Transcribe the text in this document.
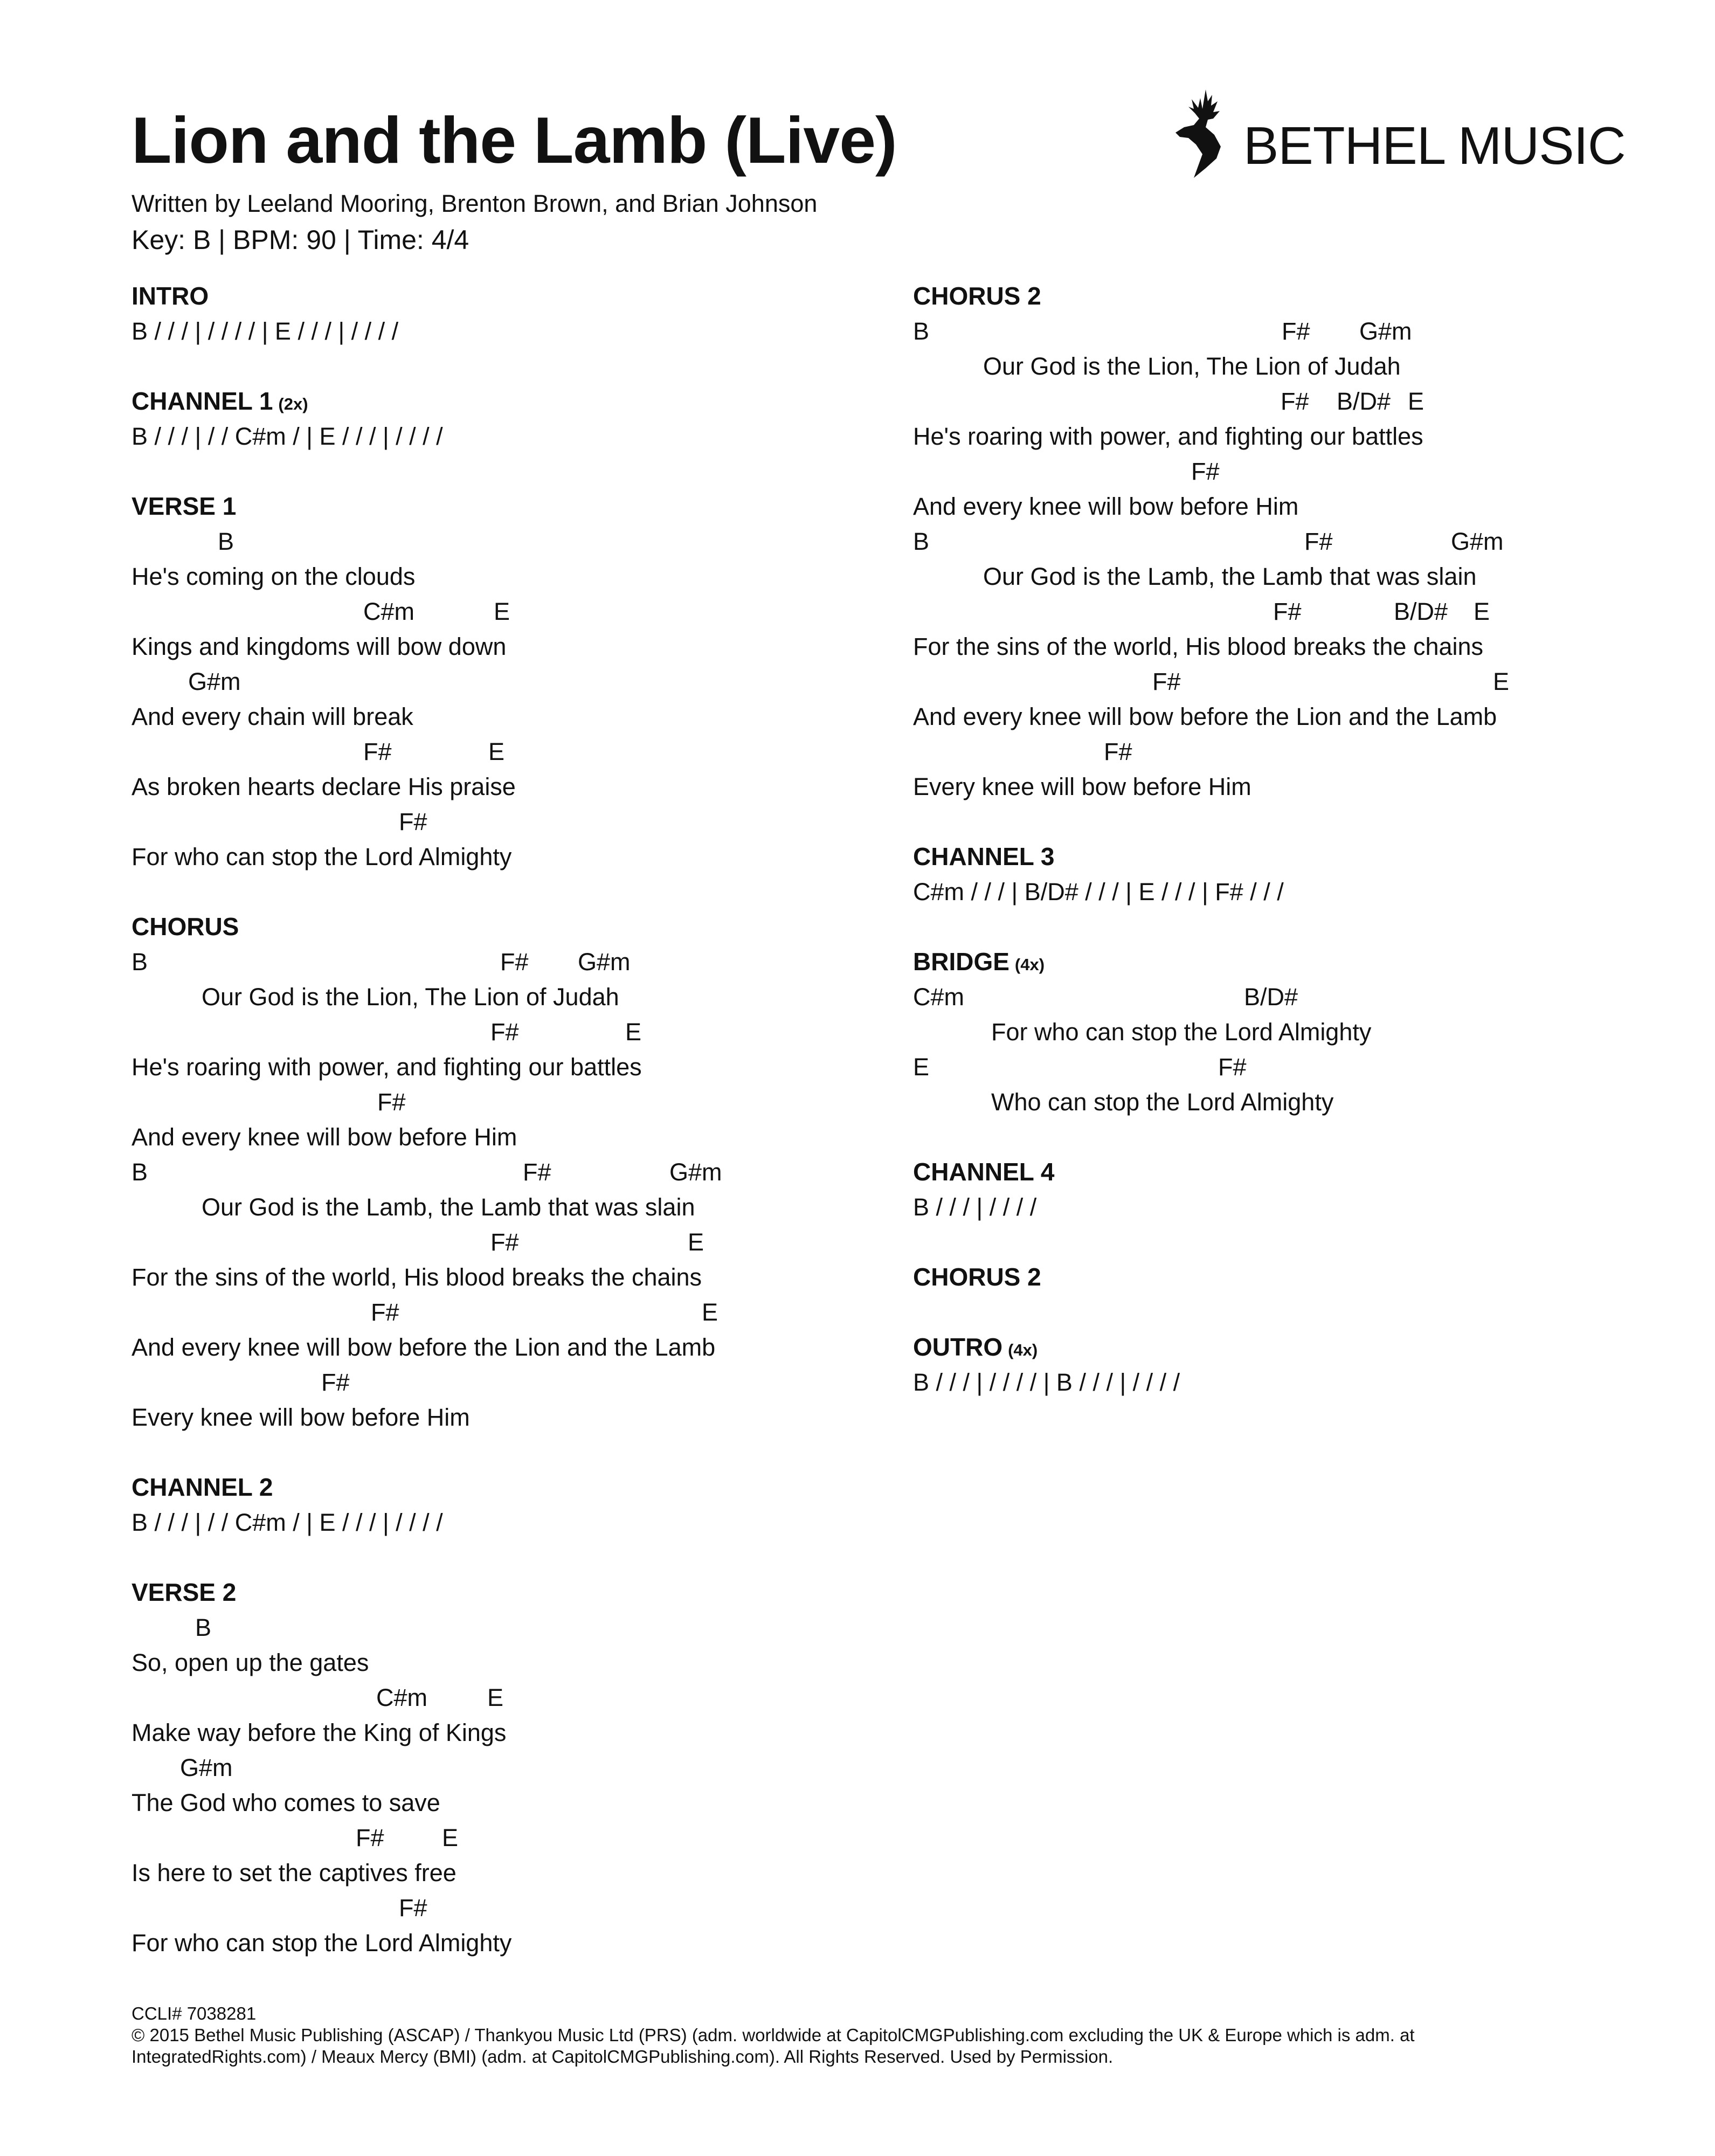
Lion and the Lamb (Live)
Written by Leeland Mooring, Brenton Brown, and Brian Johnson
Key: B | BPM: 90 | Time: 4/4
BETHEL MUSIC
INTRO
B / / / | / / / / | E / / / | / / / /
CHANNEL 1 (2x)
B / / / | / / C#m / | E / / / | / / / /
VERSE 1
B
He's coming on the clouds
C#m	E
Kings and kingdoms will bow down
G#m
And every chain will break
F#	E
As broken hearts declare His praise
F#
For who can stop the Lord Almighty
CHORUS
B	F# G#m
Our God is the Lion, The Lion of Judah
F#	E
He's roaring with power, and fighting our battles
F#
And every knee will bow before Him
B	F#	G#m
Our God is the Lamb, the Lamb that was slain
F#	E
For the sins of the world, His blood breaks the chains
F#	E
And every knee will bow before the Lion and the Lamb
F#
Every knee will bow before Him
CHANNEL 2
B / / / | / / C#m / | E / / / | / / / /
VERSE 2
B
So, open up the gates
C#m E
Make way before the King of Kings
G#m
The God who comes to save
F# E
Is here to set the captives free
F#
For who can stop the Lord Almighty
CHORUS 2
B	F# G#m
Our God is the Lion, The Lion of Judah
F# B/D# E
He's roaring with power, and fighting our battles
F#
And every knee will bow before Him
B	F#	G#m
Our God is the Lamb, the Lamb that was slain
F#	B/D# E
For the sins of the world, His blood breaks the chains
F#	E
And every knee will bow before the Lion and the Lamb
F#
Every knee will bow before Him
CHANNEL 3
C#m / / / | B/D# / / / | E / / / | F# / / /
BRIDGE (4x)
C#m	B/D#
For who can stop the Lord Almighty
E	F#
Who can stop the Lord Almighty
CHANNEL 4
B / / / | / / / /
CHORUS 2
OUTRO (4x)
B / / / | / / / / | B / / / | / / / /
CCLI# 7038281
© 2015 Bethel Music Publishing (ASCAP) / Thankyou Music Ltd (PRS) (adm. worldwide at CapitolCMGPublishing.com excluding the UK & Europe which is adm. at
IntegratedRights.com) / Meaux Mercy (BMI) (adm. at CapitolCMGPublishing.com). All Rights Reserved. Used by Permission.
